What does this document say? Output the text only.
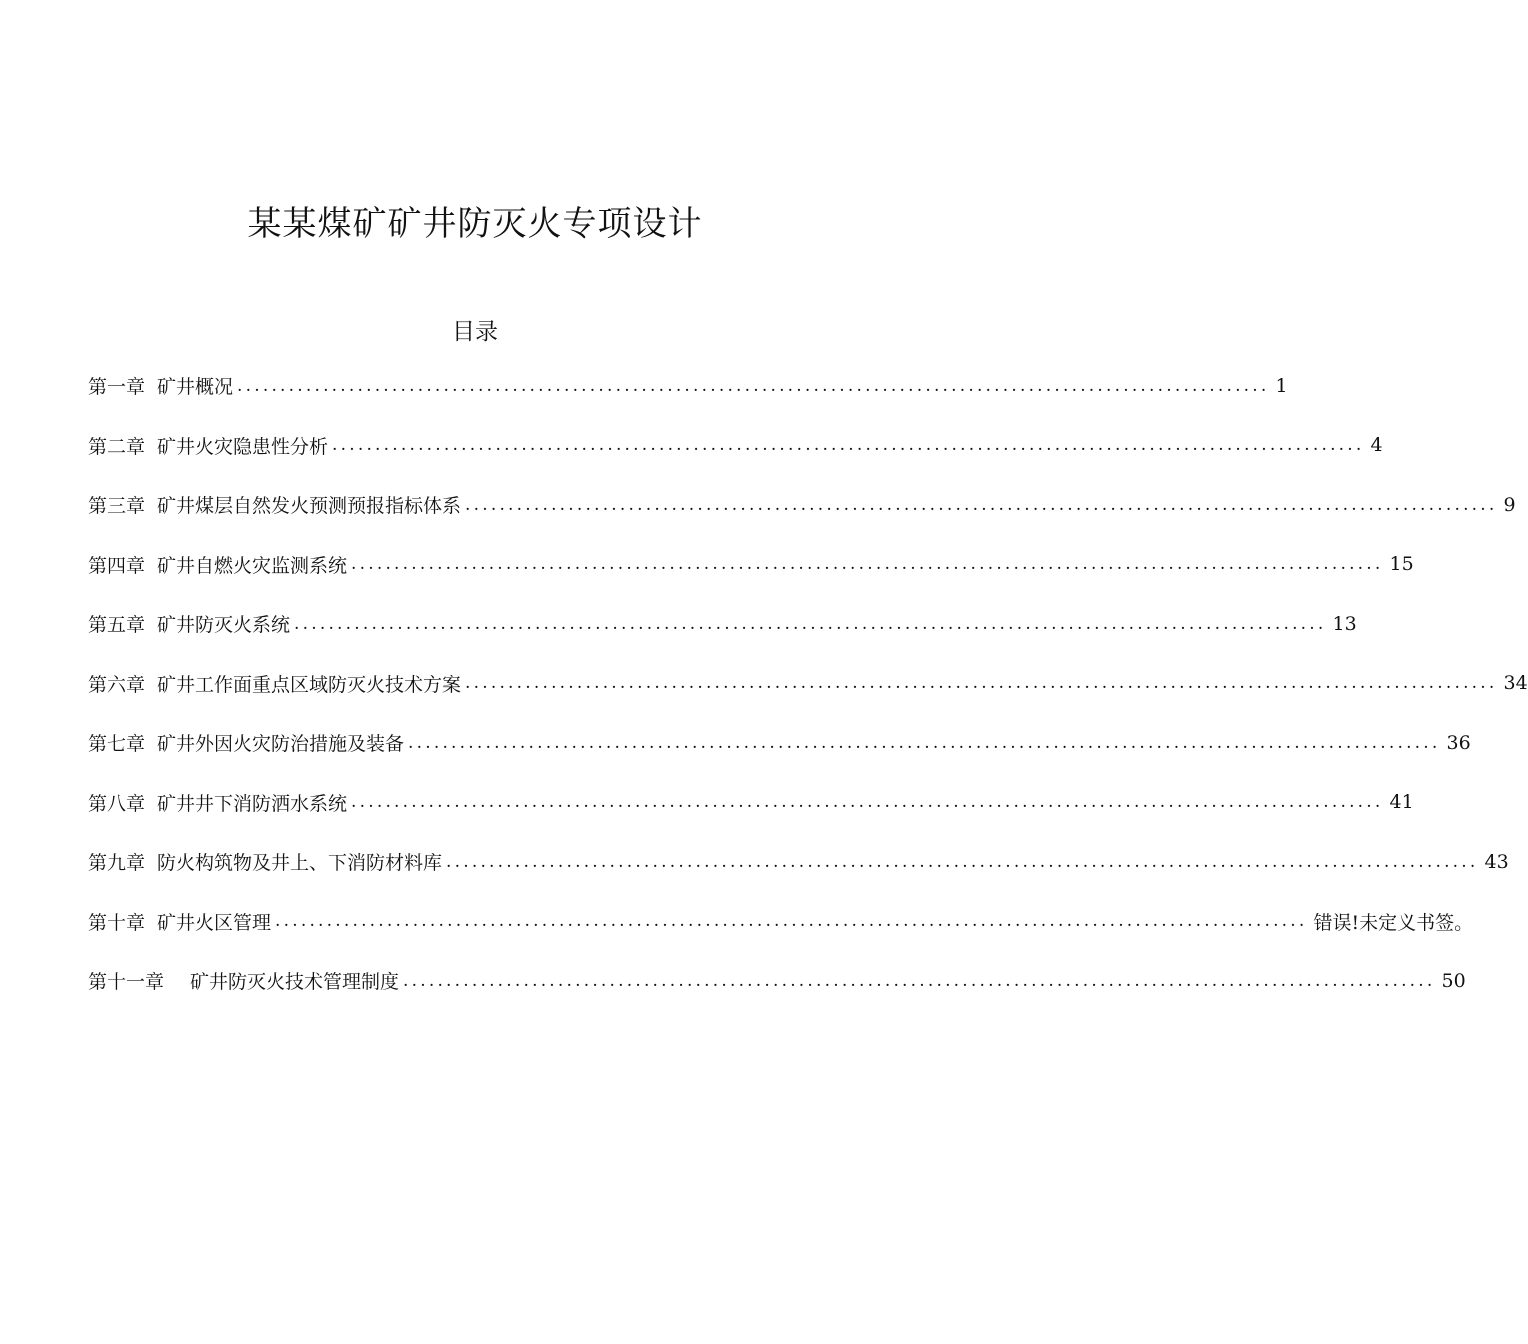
某某煤矿矿井防灭火专项设计
目录
第一章 矿井概况 ........................................................................................................................ 1
第二章 矿井火灾隐患性分析 ........................................................................................................................ 4
第三章 矿井煤层自然发火预测预报指标体系 ........................................................................................................................ 9
第四章 矿井自燃火灾监测系统 ........................................................................................................................ 15
第五章 矿井防灭火系统 ........................................................................................................................ 13
第六章 矿井工作面重点区域防灭火技术方案 ........................................................................................................................ 34
第七章 矿井外因火灾防治措施及装备 ........................................................................................................................ 36
第八章 矿井井下消防洒水系统 ........................................................................................................................ 41
第九章 防火构筑物及井上、下消防材料库 ........................................................................................................................ 43
第十章 矿井火区管理 ........................................................................................................................ 错误!未定义书签。
第十一章 矿井防灭火技术管理制度 ........................................................................................................................ 50
